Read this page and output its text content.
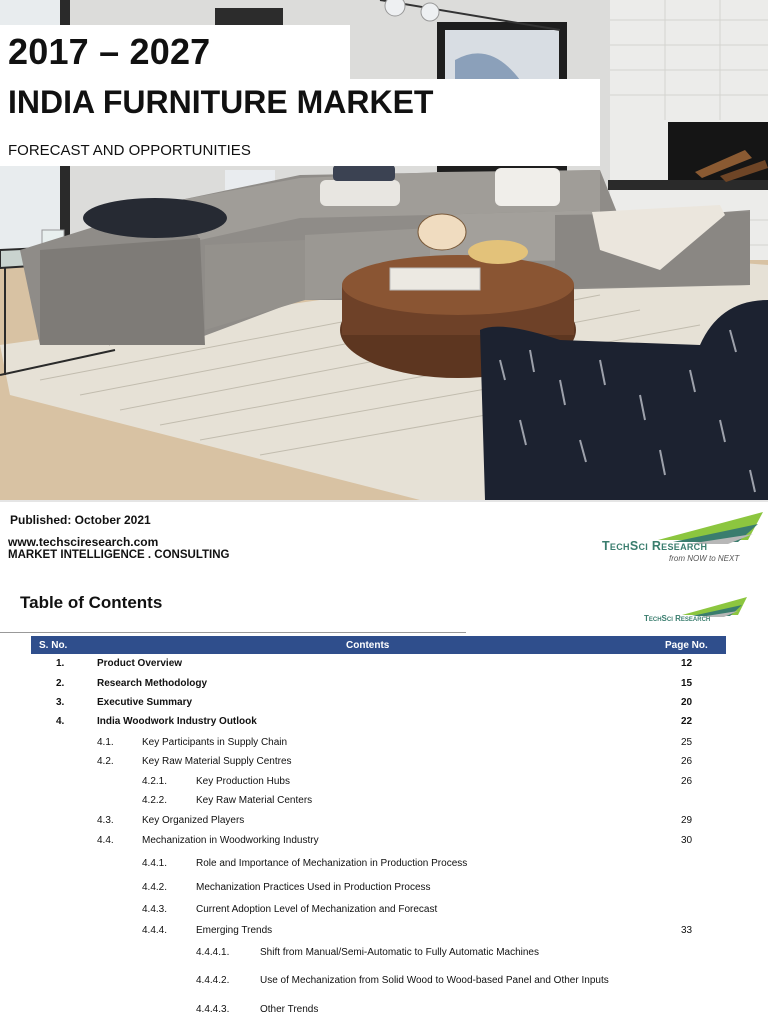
2017 – 2027
INDIA FURNITURE MARKET
FORECAST AND OPPORTUNITIES
Published: October 2021
www.techsciresearch.com
MARKET INTELLIGENCE . CONSULTING
TechSci Research
from NOW to NEXT
Table of Contents
TechSci Research
S. No.	Contents	Page No.
1.	Product Overview	12
2.	Research Methodology	15
3.	Executive Summary	20
4.	India Woodwork Industry Outlook	22
4.1.	Key Participants in Supply Chain	25
4.2.	Key Raw Material Supply Centres	26
4.2.1.	Key Production Hubs	26
4.2.2.	Key Raw Material Centers
4.3.	Key Organized Players	29
4.4.	Mechanization in Woodworking Industry	30
4.4.1.	Role and Importance of Mechanization in Production Process
4.4.2.	Mechanization Practices Used in Production Process
4.4.3.	Current Adoption Level of Mechanization and Forecast
4.4.4.	Emerging Trends	33
4.4.4.1.	Shift from Manual/Semi-Automatic to Fully Automatic Machines
4.4.4.2.	Use of Mechanization from Solid Wood to Wood-based Panel and Other Inputs
4.4.4.3.	Other Trends
